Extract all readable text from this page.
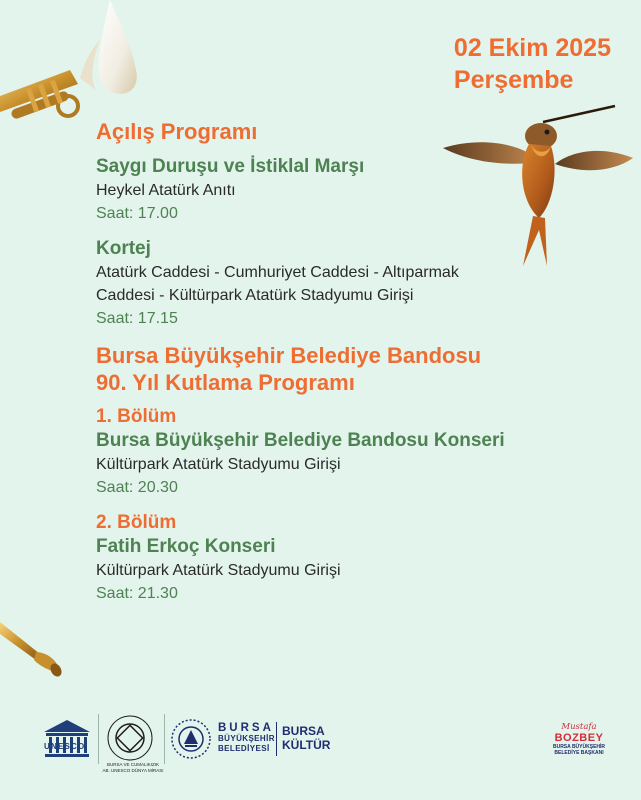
02 Ekim 2025
Perşembe
Açılış Programı
Saygı Duruşu ve İstiklal Marşı
Heykel Atatürk Anıtı
Saat: 17.00
Kortej
Atatürk Caddesi - Cumhuriyet Caddesi - Altıparmak
Caddesi - Kültürpark Atatürk Stadyumu Girişi
Saat: 17.15
Bursa Büyükşehir Belediye Bandosu
90. Yıl Kutlama Programı
1. Bölüm
Bursa Büyükşehir Belediye Bandosu Konseri
Kültürpark Atatürk Stadyumu Girişi
Saat: 20.30
2. Bölüm
Fatih Erkoç Konseri
Kültürpark Atatürk Stadyumu Girişi
Saat: 21.30
UNESCO
BURSA VE CUMALIKIZIK
AB. UNESCO DÜNYA MİRASI
BURSA
BÜYÜKŞEHİR
BELEDİYESİ
BURSA
KÜLTÜR
Mustafa
BOZBEY
BURSA BÜYÜKŞEHİR
BELEDİYE BAŞKANI
